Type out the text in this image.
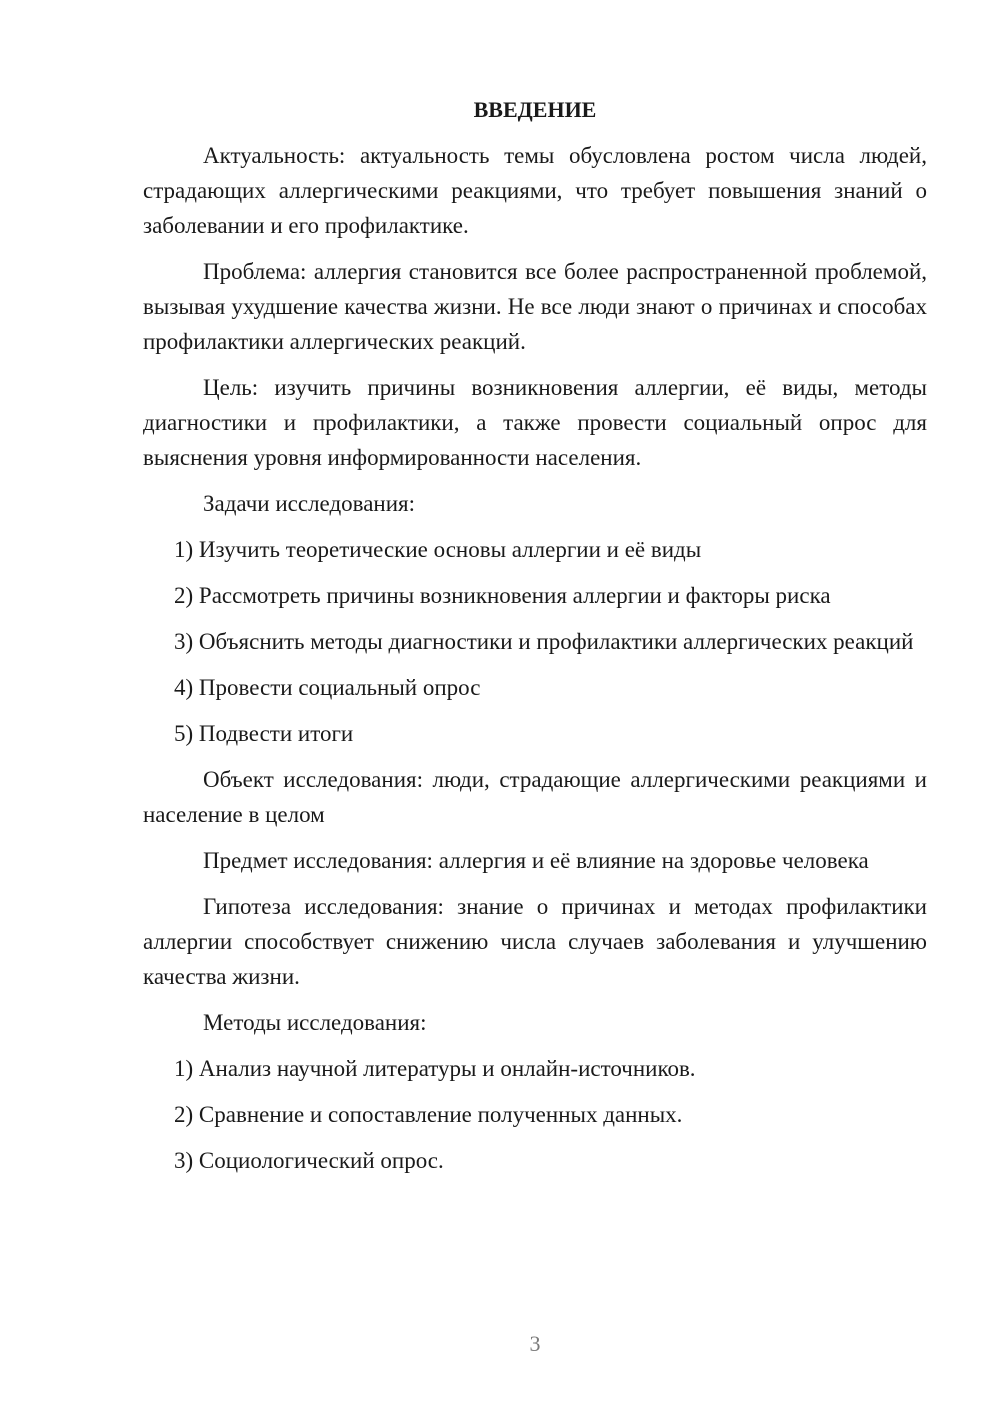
ВВЕДЕНИЕ
Актуальность: актуальность темы обусловлена ростом числа людей, страдающих аллергическими реакциями, что требует повышения знаний о заболевании и его профилактике.
Проблема: аллергия становится все более распространенной проблемой, вызывая ухудшение качества жизни. Не все люди знают о причинах и способах профилактики аллергических реакций.
Цель: изучить причины возникновения аллергии, её виды, методы диагностики и профилактики, а также провести социальный опрос для выяснения уровня информированности населения.
Задачи исследования:
1) Изучить теоретические основы аллергии и её виды
2) Рассмотреть причины возникновения аллергии и факторы риска
3) Объяснить методы диагностики и профилактики аллергических реакций
4) Провести социальный опрос
5) Подвести итоги
Объект исследования: люди, страдающие аллергическими реакциями и население в целом
Предмет исследования: аллергия и её влияние на здоровье человека
Гипотеза исследования: знание о причинах и методах профилактики аллергии способствует снижению числа случаев заболевания и улучшению качества жизни.
Методы исследования:
1) Анализ научной литературы и онлайн-источников.
2) Сравнение и сопоставление полученных данных.
3) Социологический опрос.
3
